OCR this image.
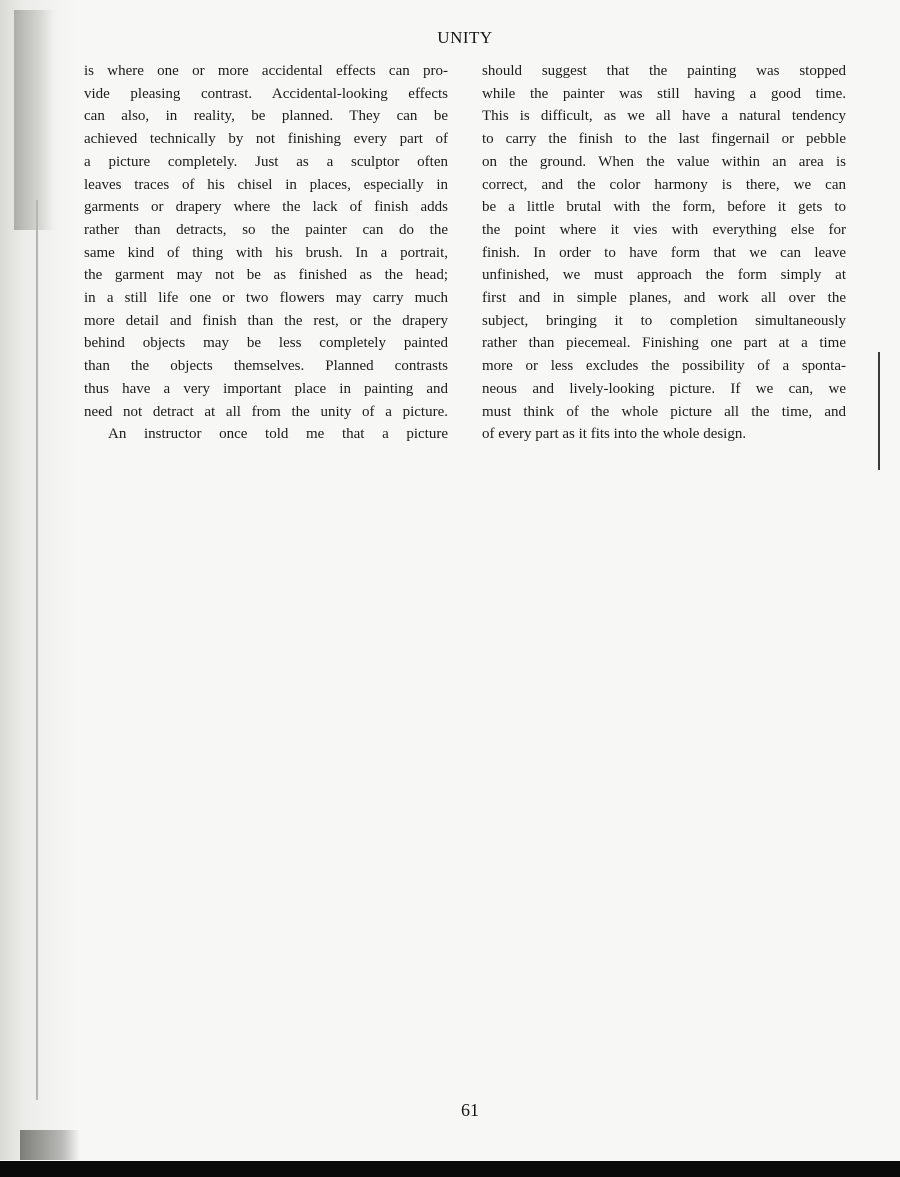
UNITY
is where one or more accidental effects can pro-
vide pleasing contrast. Accidental-looking effects
can also, in reality, be planned. They can be
achieved technically by not finishing every part of
a picture completely. Just as a sculptor often
leaves traces of his chisel in places, especially in
garments or drapery where the lack of finish adds
rather than detracts, so the painter can do the
same kind of thing with his brush. In a portrait,
the garment may not be as finished as the head;
in a still life one or two flowers may carry much
more detail and finish than the rest, or the drapery
behind objects may be less completely painted
than the objects themselves. Planned contrasts
thus have a very important place in painting and
need not detract at all from the unity of a picture.
An instructor once told me that a picture
should suggest that the painting was stopped
while the painter was still having a good time.
This is difficult, as we all have a natural tendency
to carry the finish to the last fingernail or pebble
on the ground. When the value within an area is
correct, and the color harmony is there, we can
be a little brutal with the form, before it gets to
the point where it vies with everything else for
finish. In order to have form that we can leave
unfinished, we must approach the form simply at
first and in simple planes, and work all over the
subject, bringing it to completion simultaneously
rather than piecemeal. Finishing one part at a time
more or less excludes the possibility of a sponta-
neous and lively-looking picture. If we can, we
must think of the whole picture all the time, and
of every part as it fits into the whole design.
61
